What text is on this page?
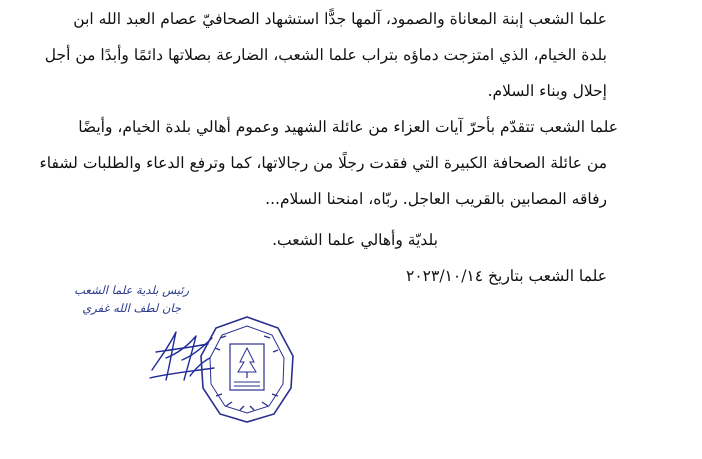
علما الشعب إبنة المعاناة والصمود، آلمها جدًّا استشهاد الصحافيّ عصام العبد الله ابن

بلدة الخيام، الذي امتزجت دماؤه بتراب علما الشعب، الضارعة بصلاتها دائمًا وأبدًا من أجل

إحلال وبناء السلام.

علما الشعب تتقدّم بأحرّ آيات العزاء من عائلة الشهيد وعموم أهالي بلدة الخيام، وأيضًا

من عائلة الصحافة الكبيرة التي فقدت رجلًا من رجالاتها، كما وترفع الدعاء والطلبات لشفاء

رفاقه المصابين بالقريب العاجل. ربّاه، امنحنا السلام...

بلديّة وأهالي علما الشعب.

علما الشعب بتاريخ ٢٠٢٣/١٠/١٤

رئيس بلدية علما الشعب
جان لطف الله غفري
